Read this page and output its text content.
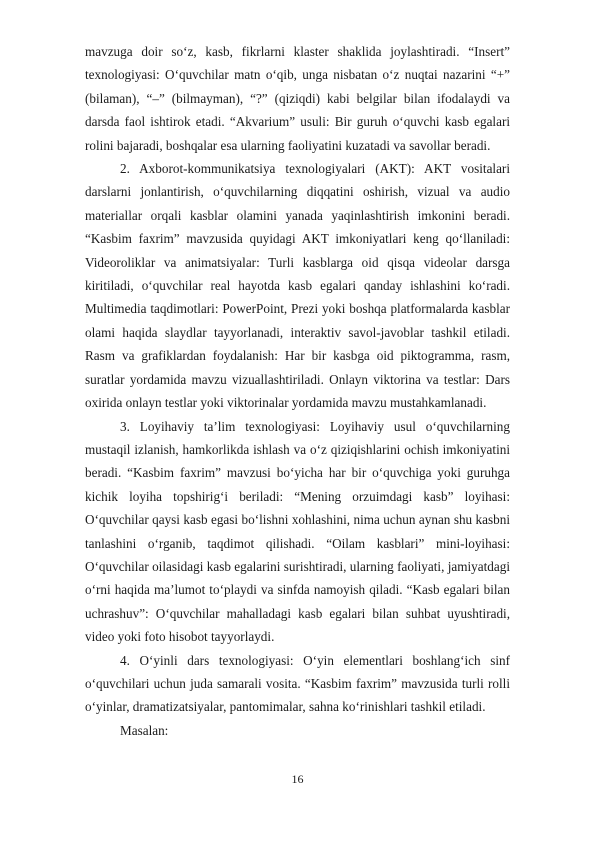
mavzuga doir so‘z, kasb, fikrlarni klaster shaklida joylashtiradi. “Insert” texnologiyasi: O‘quvchilar matn o‘qib, unga nisbatan o‘z nuqtai nazarini “+” (bilaman), “–” (bilmayman), “?” (qiziqdi) kabi belgilar bilan ifodalaydi va darsda faol ishtirok etadi. “Akvarium” usuli: Bir guruh o‘quvchi kasb egalari rolini bajaradi, boshqalar esa ularning faoliyatini kuzatadi va savollar beradi.

2. Axborot-kommunikatsiya texnologiyalari (AKT): AKT vositalari darslarni jonlantirish, o‘quvchilarning diqqatini oshirish, vizual va audio materiallar orqali kasblar olamini yanada yaqinlashtirish imkonini beradi. “Kasbim faxrim” mavzusida quyidagi AKT imkoniyatlari keng qo‘llaniladi: Videoroliklar va animatsiyalar: Turli kasblarga oid qisqa videolar darsga kiritiladi, o‘quvchilar real hayotda kasb egalari qanday ishlashini ko‘radi. Multimedia taqdimotlari: PowerPoint, Prezi yoki boshqa platformalarda kasblar olami haqida slaydlar tayyorlanadi, interaktiv savol-javoblar tashkil etiladi. Rasm va grafiklardan foydalanish: Har bir kasbga oid piktogramma, rasm, suratlar yordamida mavzu vizuallashtiriladi. Onlayn viktorina va testlar: Dars oxirida onlayn testlar yoki viktorinalar yordamida mavzu mustahkamlanadi.

3. Loyihaviy ta’lim texnologiyasi: Loyihaviy usul o‘quvchilarning mustaqil izlanish, hamkorlikda ishlash va o‘z qiziqishlarini ochish imkoniyatini beradi. “Kasbim faxrim” mavzusi bo‘yicha har bir o‘quvchiga yoki guruhga kichik loyiha topshirig‘i beriladi: “Mening orzuimdagi kasb” loyihasi: O‘quvchilar qaysi kasb egasi bo‘lishni xohlashini, nima uchun aynan shu kasbni tanlashini o‘rganib, taqdimot qilishadi. “Oilam kasblari” mini-loyihasi: O‘quvchilar oilasidagi kasb egalarini surishtiradi, ularning faoliyati, jamiyatdagi o‘rni haqida ma’lumot to‘playdi va sinfda namoyish qiladi. “Kasb egalari bilan uchrashuv”: O‘quvchilar mahalladagi kasb egalari bilan suhbat uyushtiradi, video yoki foto hisobot tayyorlaydi.

4. O‘yinli dars texnologiyasi: O‘yin elementlari boshlang‘ich sinf o‘quvchilari uchun juda samarali vosita. “Kasbim faxrim” mavzusida turli rolli o‘yinlar, dramatizatsiyalar, pantomimalar, sahna ko‘rinishlari tashkil etiladi.

Masalan:

16
